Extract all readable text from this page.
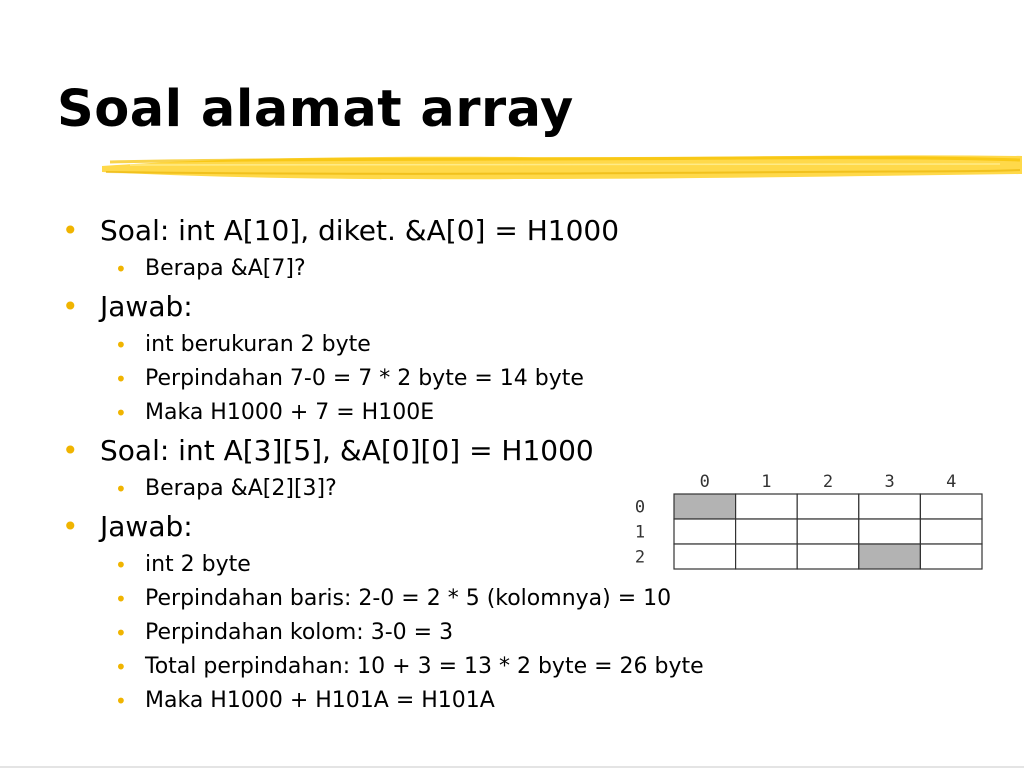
Soal alamat array
• Soal: int A[10], diket. &A[0] = H1000
• Berapa &A[7]?
• Jawab:
• int berukuran 2 byte
• Perpindahan 7-0 = 7 * 2 byte = 14 byte
• Maka H1000 + 7 = H100E
• Soal: int A[3][5], &A[0][0] = H1000
• Berapa &A[2][3]?
• Jawab:
• int 2 byte
• Perpindahan baris: 2-0 = 2 * 5 (kolomnya) = 10
• Perpindahan kolom: 3-0 = 3
• Total perpindahan: 10 + 3 = 13 * 2 byte = 26 byte
• Maka H1000 + H101A = H101A
0	1	2	3	4
0
1
2
